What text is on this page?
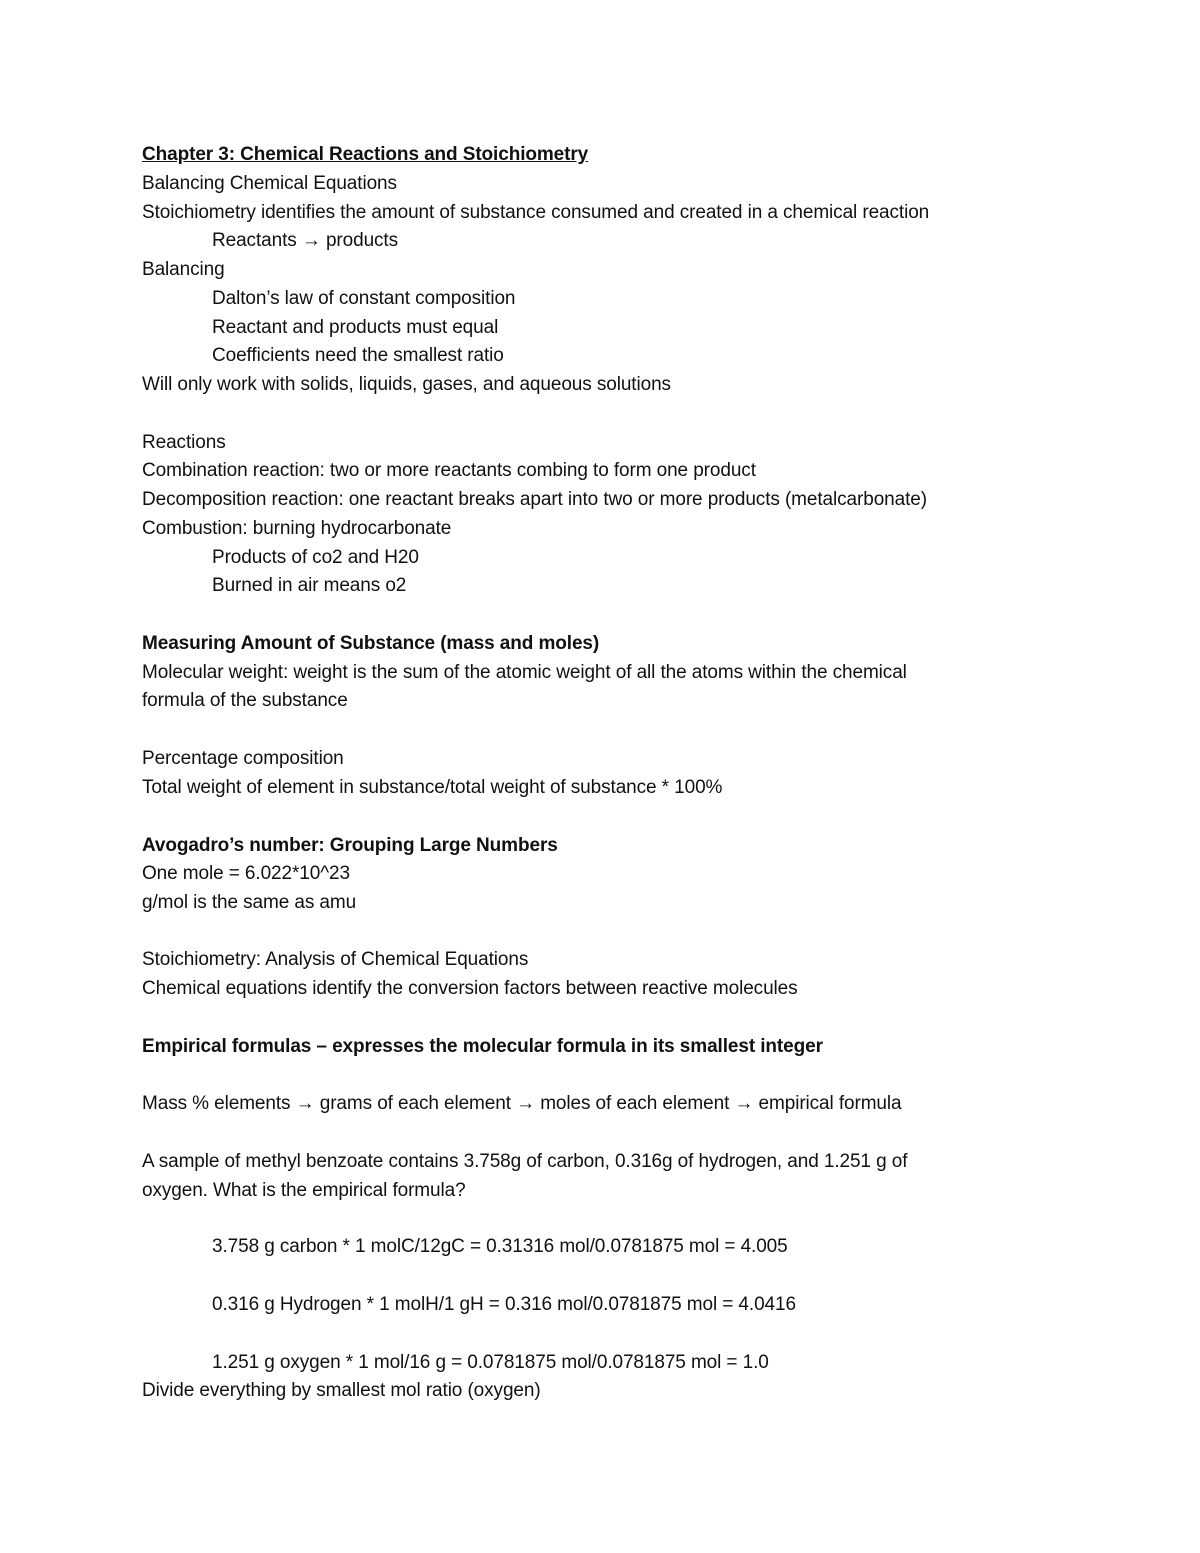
Chapter 3: Chemical Reactions and Stoichiometry
Balancing Chemical Equations
Stoichiometry identifies the amount of substance consumed and created in a chemical reaction
Reactants → products
Balancing
Dalton’s law of constant composition
Reactant and products must equal
Coefficients need the smallest ratio
Will only work with solids, liquids, gases, and aqueous solutions
Reactions
Combination reaction: two or more reactants combing to form one product
Decomposition reaction: one reactant breaks apart into two or more products (metalcarbonate)
Combustion: burning hydrocarbonate
Products of co2 and H20
Burned in air means o2
Measuring Amount of Substance (mass and moles)
Molecular weight: weight is the sum of the atomic weight of all the atoms within the chemical
formula of the substance
Percentage composition
Total weight of element in substance/total weight of substance * 100%
Avogadro’s number: Grouping Large Numbers
One mole = 6.022*10^23
g/mol is the same as amu
Stoichiometry: Analysis of Chemical Equations
Chemical equations identify the conversion factors between reactive molecules
Empirical formulas – expresses the molecular formula in its smallest integer
Mass % elements → grams of each element → moles of each element → empirical formula
A sample of methyl benzoate contains 3.758g of carbon, 0.316g of hydrogen, and 1.251 g of
oxygen. What is the empirical formula?
3.758 g carbon * 1 molC/12gC = 0.31316 mol/0.0781875 mol = 4.005
0.316 g Hydrogen * 1 molH/1 gH = 0.316 mol/0.0781875 mol = 4.0416
1.251 g oxygen * 1 mol/16 g = 0.0781875 mol/0.0781875 mol = 1.0
Divide everything by smallest mol ratio (oxygen)
